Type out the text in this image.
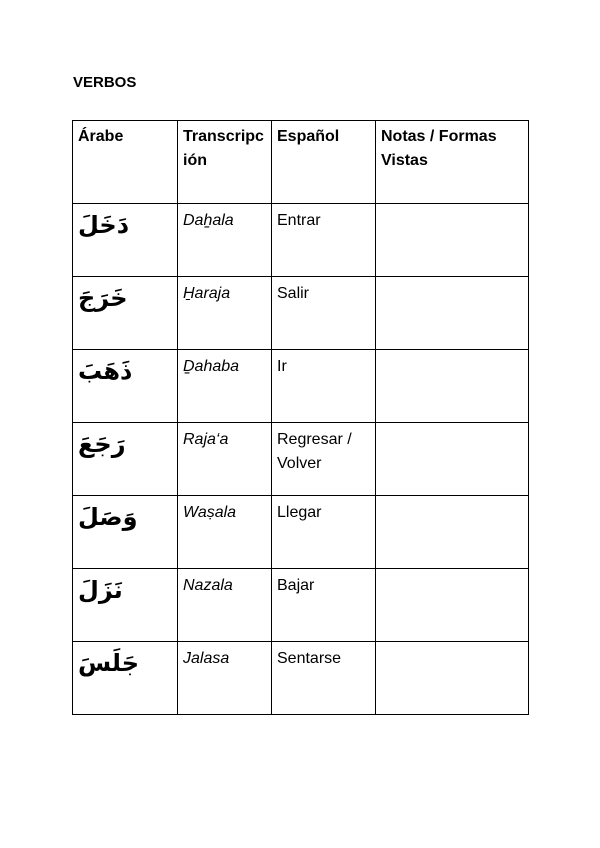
VERBOS
Árabe	Transcripción	Español	Notas / Formas Vistas
دَخَلَ	Daẖala	Entrar	
خَرَجَ	H̱araja	Salir	
ذَهَبَ	D̠ahaba	Ir	
رَجَعَ	Raja‘a	Regresar / Volver	
وَصَلَ	Waṣala	Llegar	
نَزَلَ	Nazala	Bajar	
جَلَسَ	Jalasa	Sentarse	
